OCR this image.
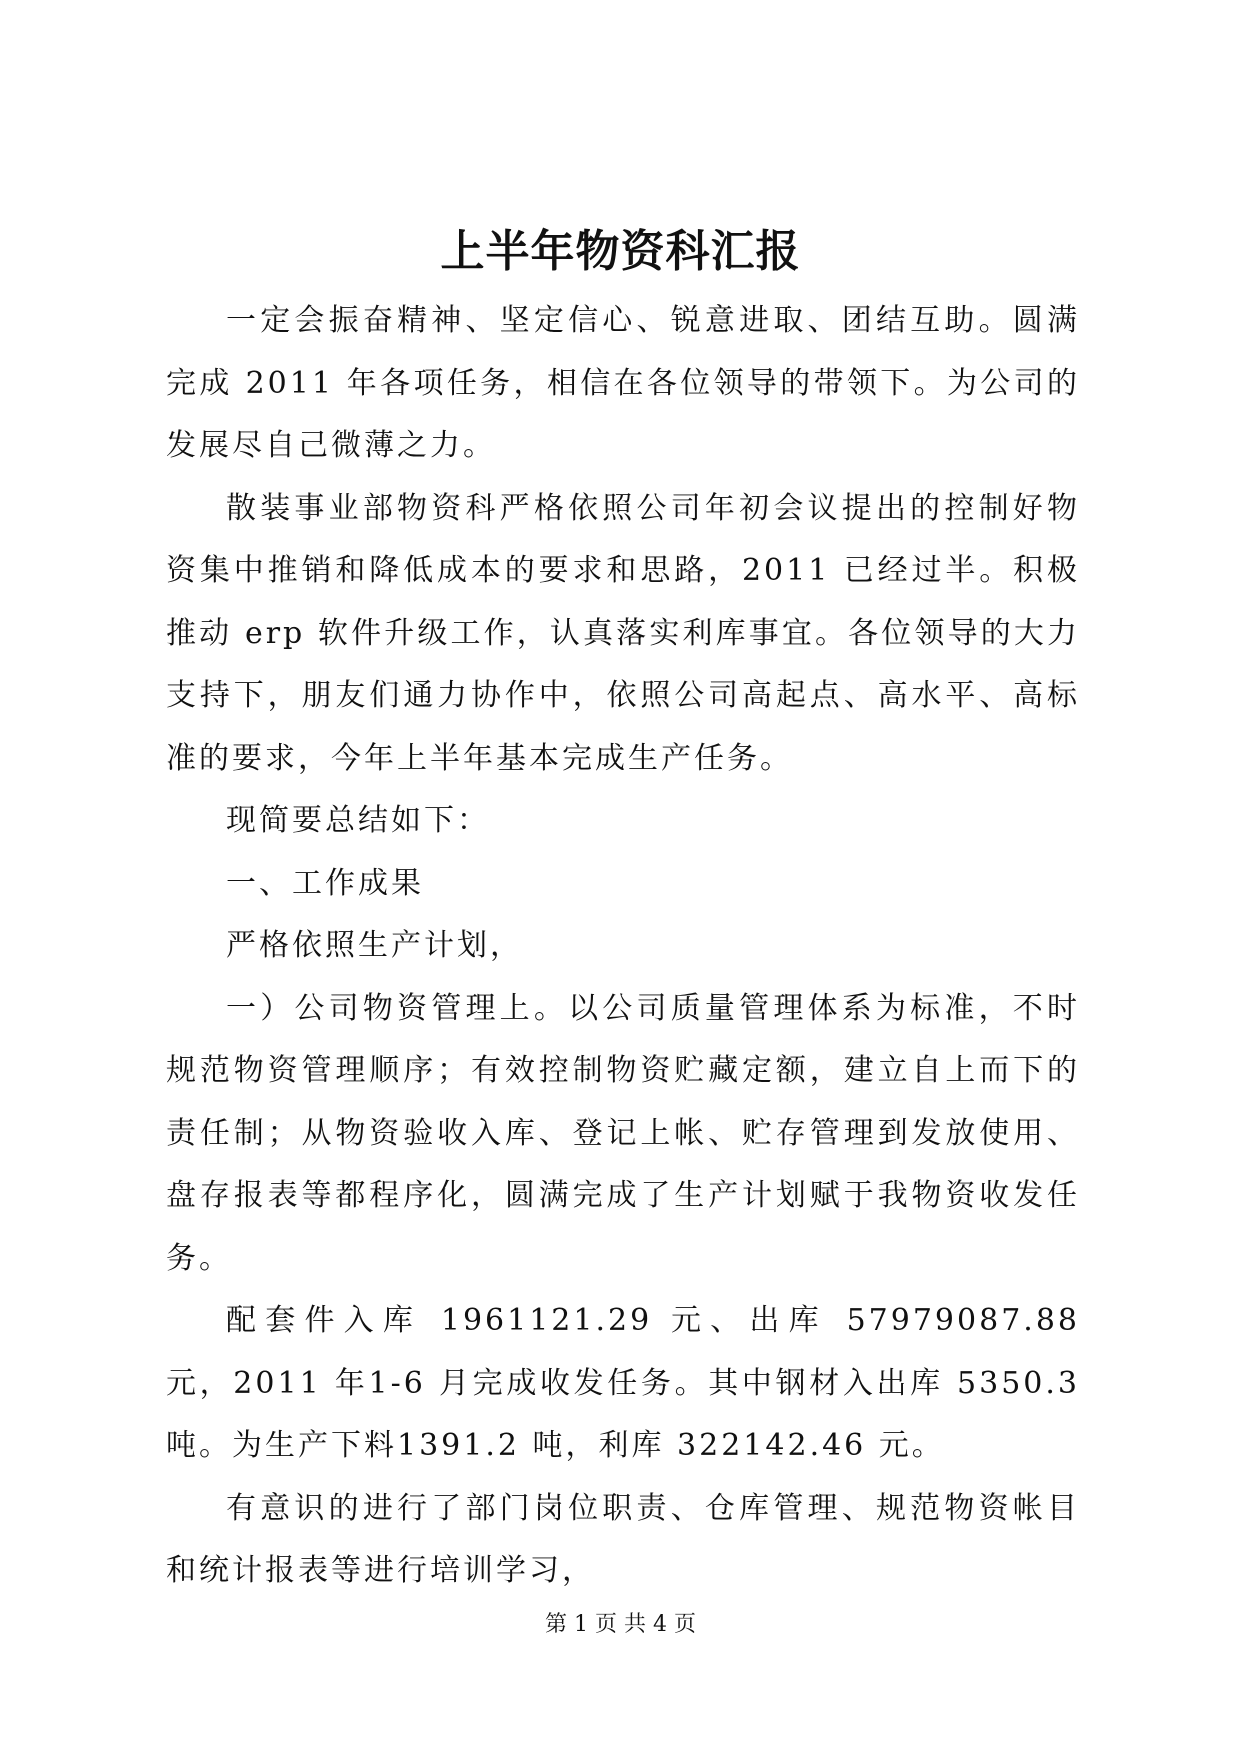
上半年物资科汇报

一定会振奋精神、坚定信心、锐意进取、团结互助。圆满完成 2011 年各项任务，相信在各位领导的带领下。为公司的发展尽自己微薄之力。

散装事业部物资科严格依照公司年初会议提出的控制好物资集中推销和降低成本的要求和思路，2011 已经过半。积极推动 erp 软件升级工作，认真落实利库事宜。各位领导的大力支持下，朋友们通力协作中，依照公司高起点、高水平、高标准的要求，今年上半年基本完成生产任务。

现简要总结如下：

一、工作成果

严格依照生产计划，

一）公司物资管理上。以公司质量管理体系为标准，不时规范物资管理顺序；有效控制物资贮藏定额，建立自上而下的责任制；从物资验收入库、登记上帐、贮存管理到发放使用、盘存报表等都程序化，圆满完成了生产计划赋于我物资收发任务。

配套件入库 1961121.29 元、出库 57979087.88 元，2011 年1-6 月完成收发任务。其中钢材入出库 5350.3 吨。为生产下料1391.2 吨，利库 322142.46 元。

有意识的进行了部门岗位职责、仓库管理、规范物资帐目和统计报表等进行培训学习，

第 1 页 共 4 页
